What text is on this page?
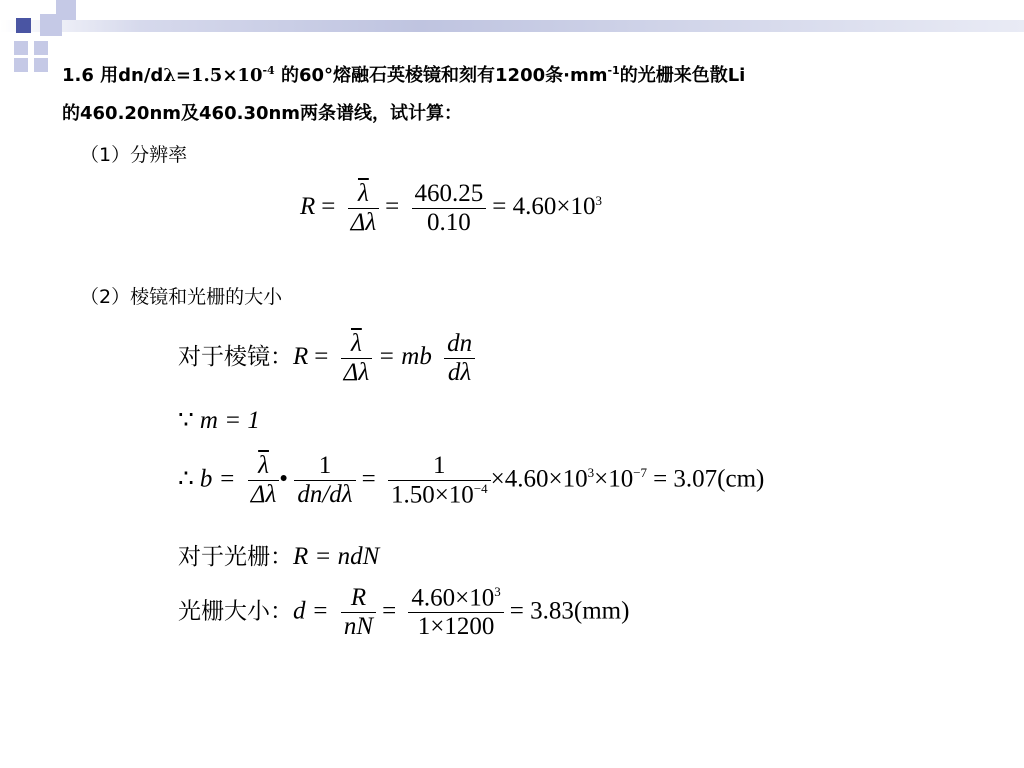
1.6 用$dn/d\lambda=1.5\times 10^{-4}$ 的60°熔融石英棱镜和刻有1200条$\cdot mm^{-1}$的光栅来色散Li
的460.20nm及460.30nm两条谱线，试计算：
（1）分辨率
$R = \frac{\overline{\lambda}}{\Delta\lambda} = \frac{460.25}{0.10} = 4.60\times 10^3$
（2）棱镜和光栅的大小
对于棱镜：$R = \frac{\overline{\lambda}}{\Delta\lambda}$ = mb $\frac{dn}{d\lambda}$
∵ m = 1
∴ $b = \frac{\overline{\lambda}}{\Delta\lambda}$ • $\frac{1}{dn/d\lambda} = \frac{1}{1.50\times 10^{-4}} \times 4.60\times 10^3\times 10^{-7} = 3.07(cm)$
对于光栅：R = ndN
光栅大小：$d = \frac{R}{nN} = \frac{4.60\times 10^3}{1\times 1200} = 3.83(mm)$
